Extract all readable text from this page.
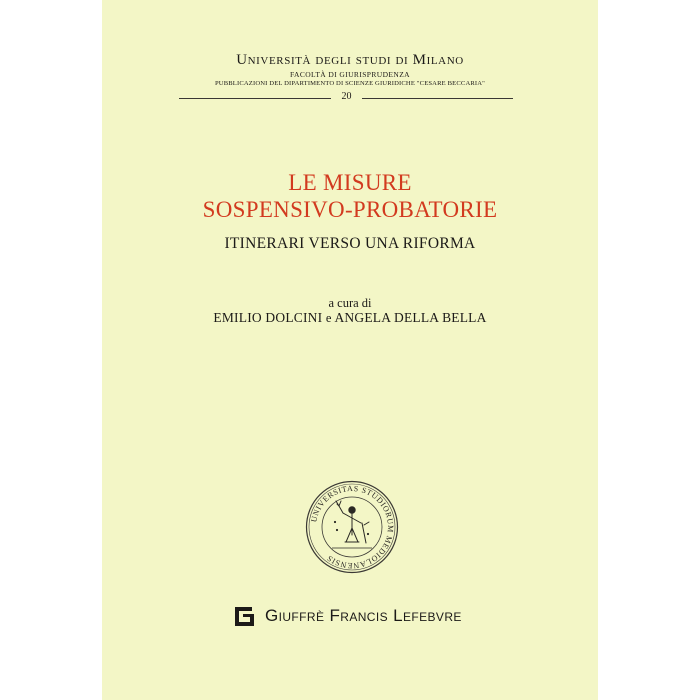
Università degli studi di Milano
FACOLTÀ DI GIURISPRUDENZA
PUBBLICAZIONI DEL DIPARTIMENTO DI SCIENZE GIURIDICHE "CESARE BECCARIA"
20
LE MISURE
SOSPENSIVO-PROBATORIE
ITINERARI VERSO UNA RIFORMA
a cura di
EMILIO DOLCINI e ANGELA DELLA BELLA
UNIVERSITAS STUDIORUM MEDIOLANENSIS
Giuffrè Francis Lefebvre
